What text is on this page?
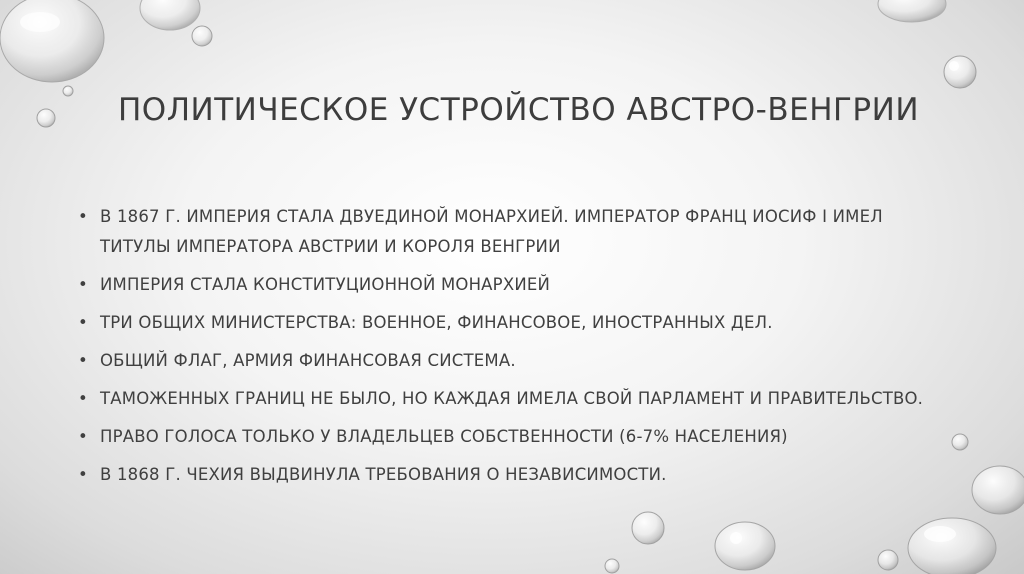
ПОЛИТИЧЕСКОЕ УСТРОЙСТВО АВСТРО-ВЕНГРИИ
• В 1867 Г. ИМПЕРИЯ СТАЛА ДВУЕДИНОЙ МОНАРХИЕЙ. ИМПЕРАТОР ФРАНЦ ИОСИФ I ИМЕЛ ТИТУЛЫ ИМПЕРАТОРА АВСТРИИ И КОРОЛЯ ВЕНГРИИ
• ИМПЕРИЯ СТАЛА КОНСТИТУЦИОННОЙ МОНАРХИЕЙ
• ТРИ ОБЩИХ МИНИСТЕРСТВА: ВОЕННОЕ, ФИНАНСОВОЕ, ИНОСТРАННЫХ ДЕЛ.
• ОБЩИЙ ФЛАГ, АРМИЯ ФИНАНСОВАЯ СИСТЕМА.
• ТАМОЖЕННЫХ ГРАНИЦ НЕ БЫЛО, НО КАЖДАЯ ИМЕЛА СВОЙ ПАРЛАМЕНТ И ПРАВИТЕЛЬСТВО.
• ПРАВО ГОЛОСА ТОЛЬКО У ВЛАДЕЛЬЦЕВ СОБСТВЕННОСТИ (6-7% НАСЕЛЕНИЯ)
• В 1868 Г. ЧЕХИЯ ВЫДВИНУЛА ТРЕБОВАНИЯ О НЕЗАВИСИМОСТИ.
